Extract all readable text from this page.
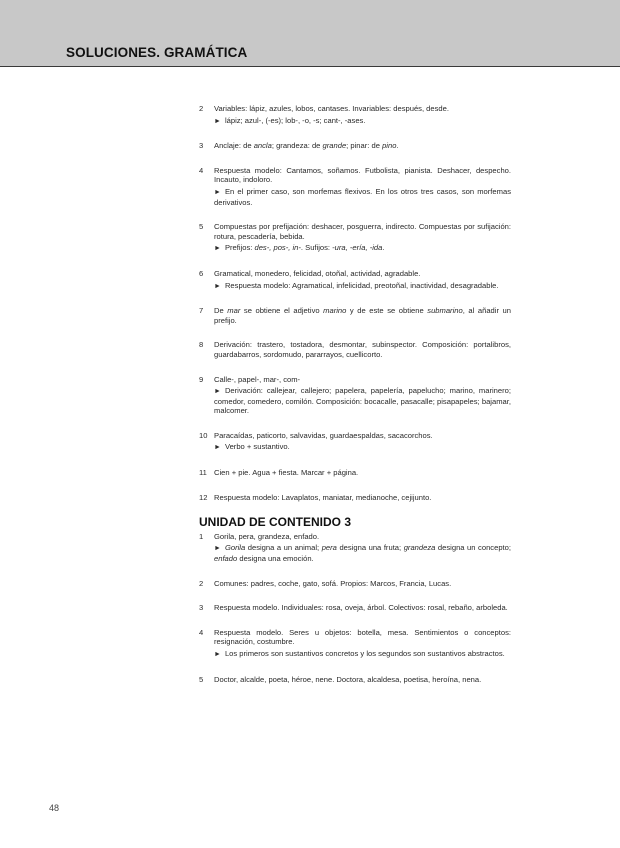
SOLUCIONES. GRAMÁTICA
2 Variables: lápiz, azules, lobos, cantases. Invariables: después, desde.
► lápiz; azul-, (-es); lob-, -o, -s; cant-, -ases.
3 Anclaje: de ancla; grandeza: de grande; pinar: de pino.
4 Respuesta modelo: Cantamos, soñamos. Futbolista, pianista. Deshacer, despecho. Incauto, indoloro.
► En el primer caso, son morfemas flexivos. En los otros tres casos, son morfemas derivativos.
5 Compuestas por prefijación: deshacer, posguerra, indirecto. Compuestas por sufijación: rotura, pescadería, bebida.
► Prefijos: des-, pos-, in-. Sufijos: -ura, -ería, -ida.
6 Gramatical, monedero, felicidad, otoñal, actividad, agradable.
► Respuesta modelo: Agramatical, infelicidad, preotoñal, inactividad, desagradable.
7 De mar se obtiene el adjetivo marino y de este se obtiene submarino, al añadir un prefijo.
8 Derivación: trastero, tostadora, desmontar, subinspector. Composición: portalibros, guardabarros, sordomudo, pararrayos, cuellicorto.
9 Calle-, papel-, mar-, com-
► Derivación: callejear, callejero; papelera, papelería, papelucho; marino, marinero; comedor, comedero, comilón. Composición: bocacalle, pasacalle; pisapapeles; bajamar, malcomer.
10 Paracaídas, paticorto, salvavidas, guardaespaldas, sacacorchos.
► Verbo + sustantivo.
11 Cien + pie. Agua + fiesta. Marcar + página.
12 Respuesta modelo: Lavaplatos, maniatar, medianoche, cejijunto.
UNIDAD DE CONTENIDO 3
1 Gorila, pera, grandeza, enfado.
► Gorila designa a un animal; pera designa una fruta; grandeza designa un concepto; enfado designa una emoción.
2 Comunes: padres, coche, gato, sofá. Propios: Marcos, Francia, Lucas.
3 Respuesta modelo. Individuales: rosa, oveja, árbol. Colectivos: rosal, rebaño, arboleda.
4 Respuesta modelo. Seres u objetos: botella, mesa. Sentimientos o conceptos: resignación, costumbre.
► Los primeros son sustantivos concretos y los segundos son sustantivos abstractos.
5 Doctor, alcalde, poeta, héroe, nene. Doctora, alcaldesa, poetisa, heroína, nena.
48
